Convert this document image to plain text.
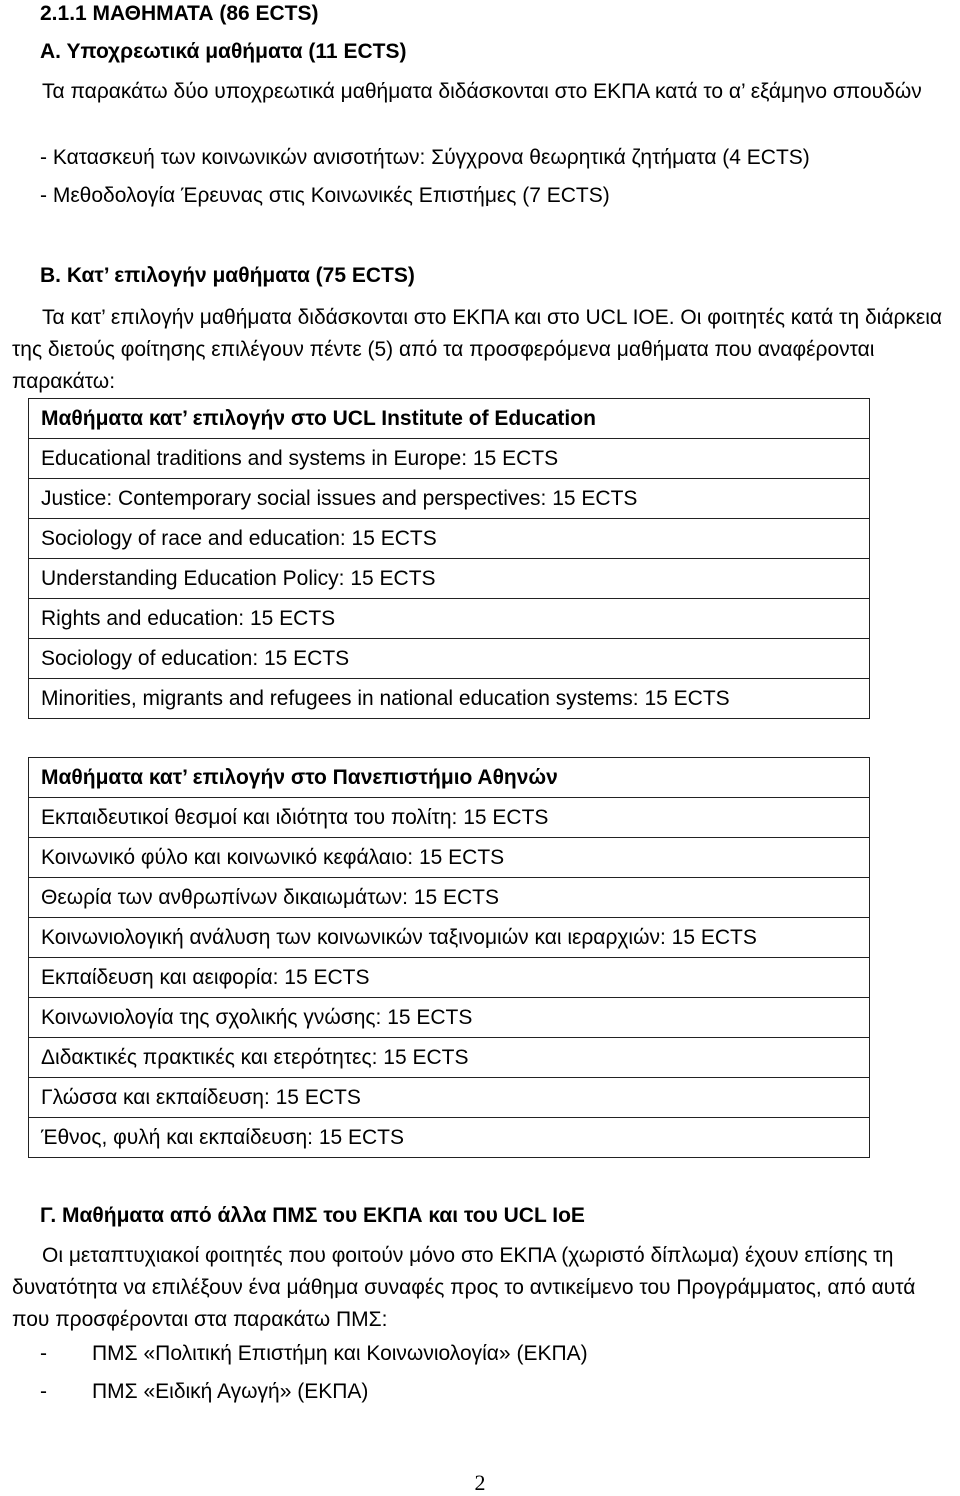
2.1.1 ΜΑΘΗΜΑΤΑ (86 ECTS)
Α. Υποχρεωτικά μαθήματα (11 ECTS)
Τα παρακάτω δύο υποχρεωτικά μαθήματα διδάσκονται στο ΕΚΠΑ κατά το α’ εξάμηνο σπουδών
- Κατασκευή των κοινωνικών ανισοτήτων: Σύγχρονα θεωρητικά ζητήματα (4 ECTS)
- Μεθοδολογία Έρευνας στις Κοινωνικές Επιστήμες (7 ECTS)
Β. Κατ’ επιλογήν μαθήματα (75 ECTS)
Τα κατ’ επιλογήν μαθήματα διδάσκονται στο ΕΚΠΑ και στο UCL IOE. Οι φοιτητές κατά τη διάρκεια της διετούς φοίτησης επιλέγουν πέντε (5) από τα προσφερόμενα μαθήματα που αναφέρονται παρακάτω:
Μαθήματα κατ’ επιλογήν στο UCL Institute of Education
Educational traditions and systems in Europe: 15 ECTS
Justice: Contemporary social issues and perspectives: 15 ECTS
Sociology of race and education: 15 ECTS
Understanding Education Policy: 15 ECTS
Rights and education: 15 ECTS
Sociology of education: 15 ECTS
Minorities, migrants and refugees in national education systems: 15 ECTS
Μαθήματα κατ’ επιλογήν στο Πανεπιστήμιο Αθηνών
Εκπαιδευτικοί θεσμοί και ιδιότητα του πολίτη: 15 ECTS
Κοινωνικό φύλο και κοινωνικό κεφάλαιο: 15 ECTS
Θεωρία των ανθρωπίνων δικαιωμάτων: 15 ECTS
Κοινωνιολογική ανάλυση των κοινωνικών ταξινομιών και ιεραρχιών: 15 ECTS
Εκπαίδευση και αειφορία: 15 ECTS
Κοινωνιολογία της σχολικής γνώσης: 15 ECTS
Διδακτικές πρακτικές και ετερότητες: 15 ECTS
Γλώσσα και εκπαίδευση: 15 ECTS
Έθνος, φυλή και εκπαίδευση: 15 ECTS
Γ. Μαθήματα από άλλα ΠΜΣ του ΕΚΠΑ και του UCL IoE
Οι μεταπτυχιακοί φοιτητές που φοιτούν μόνο στο ΕΚΠΑ (χωριστό δίπλωμα) έχουν επίσης τη δυνατότητα να επιλέξουν ένα μάθημα συναφές προς το αντικείμενο του Προγράμματος, από αυτά που προσφέρονται στα παρακάτω ΠΜΣ:
- ΠΜΣ «Πολιτική Επιστήμη και Κοινωνιολογία» (ΕΚΠΑ)
- ΠΜΣ «Ειδική Αγωγή» (ΕΚΠΑ)
2
